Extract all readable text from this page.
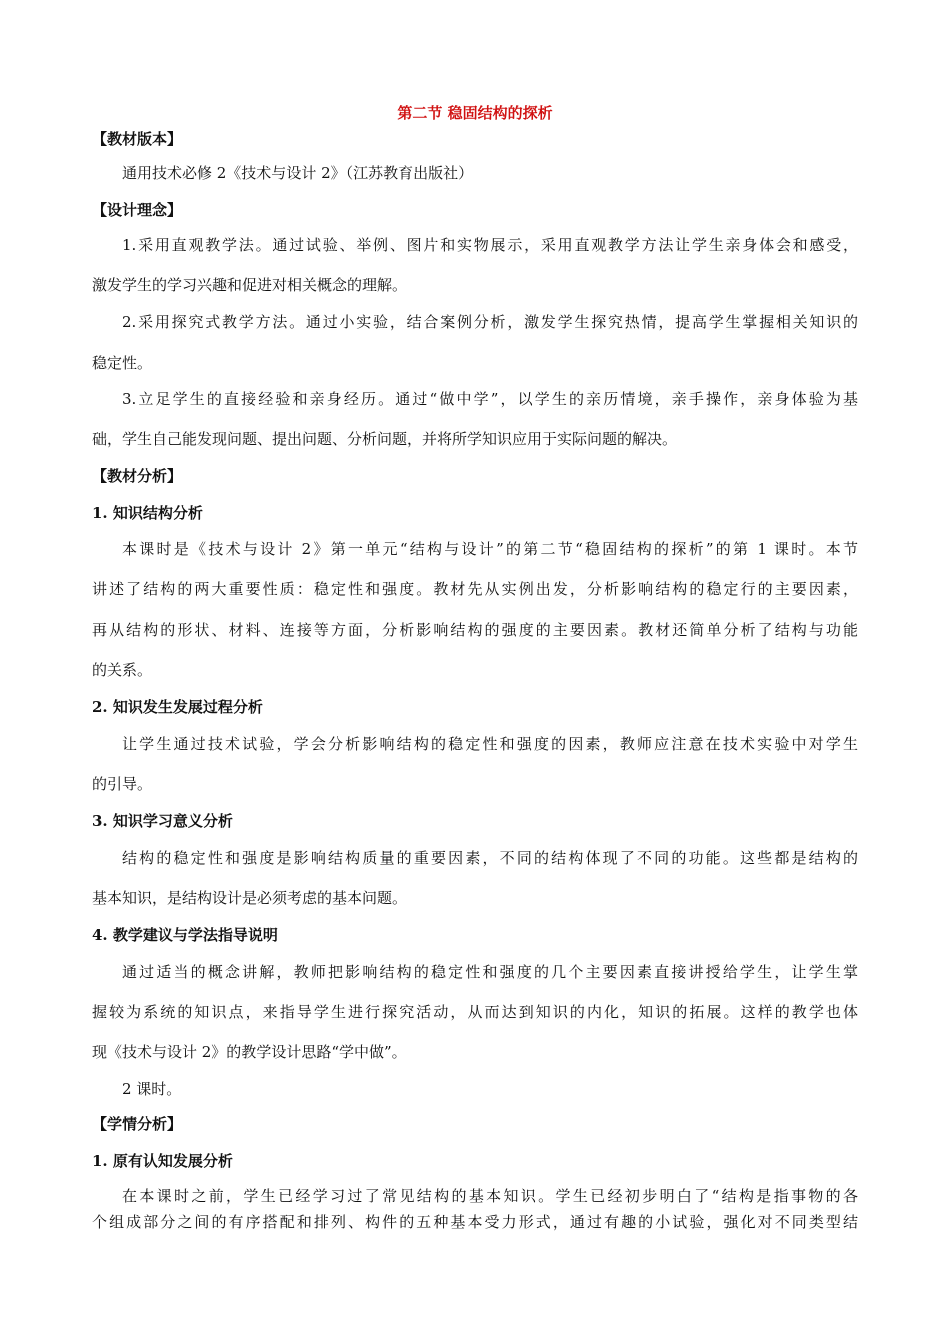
第二节 稳固结构的探析
【教材版本】
通用技术必修 2《技术与设计 2》（江苏教育出版社）
【设计理念】
1.采用直观教学法。通过试验、举例、图片和实物展示，采用直观教学方法让学生亲身体会和感受，
激发学生的学习兴趣和促进对相关概念的理解。
2.采用探究式教学方法。通过小实验，结合案例分析，激发学生探究热情，提高学生掌握相关知识的
稳定性。
3.立足学生的直接经验和亲身经历。通过“做中学”，以学生的亲历情境，亲手操作，亲身体验为基
础，学生自己能发现问题、提出问题、分析问题，并将所学知识应用于实际问题的解决。
【教材分析】
1. 知识结构分析
本课时是《技术与设计 2》第一单元“结构与设计”的第二节“稳固结构的探析”的第 1 课时。本节
讲述了结构的两大重要性质：稳定性和强度。教材先从实例出发，分析影响结构的稳定行的主要因素，
再从结构的形状、材料、连接等方面，分析影响结构的强度的主要因素。教材还简单分析了结构与功能
的关系。
2. 知识发生发展过程分析
让学生通过技术试验，学会分析影响结构的稳定性和强度的因素，教师应注意在技术实验中对学生
的引导。
3. 知识学习意义分析
结构的稳定性和强度是影响结构质量的重要因素，不同的结构体现了不同的功能。这些都是结构的
基本知识，是结构设计是必须考虑的基本问题。
4. 教学建议与学法指导说明
通过适当的概念讲解，教师把影响结构的稳定性和强度的几个主要因素直接讲授给学生，让学生掌
握较为系统的知识点，来指导学生进行探究活动，从而达到知识的内化，知识的拓展。这样的教学也体
现《技术与设计 2》的教学设计思路“学中做”。
2 课时。
【学情分析】
1. 原有认知发展分析
在本课时之前，学生已经学习过了常见结构的基本知识。学生已经初步明白了“结构是指事物的各
个组成部分之间的有序搭配和排列、构件的五种基本受力形式，通过有趣的小试验，强化对不同类型结
